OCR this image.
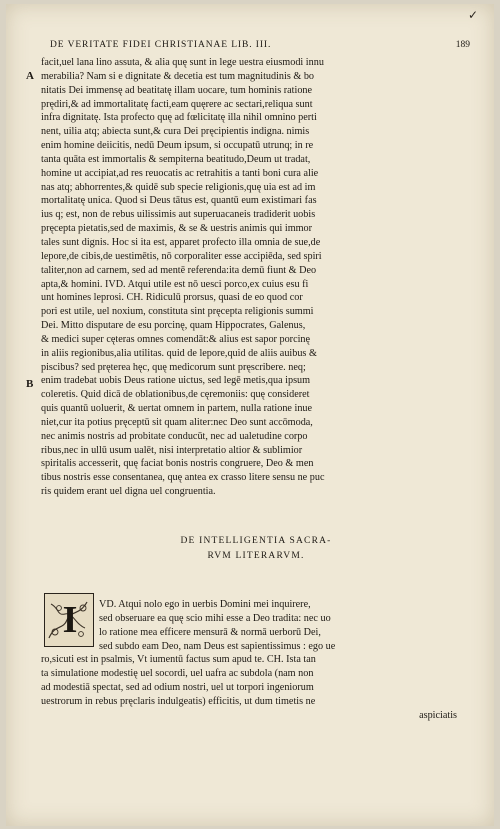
✓
DE VERITATE FIDEI CHRISTIANAE LIB. III.	189
A
B
facit,uel lana lino assuta, & alia quę sunt in lege uestra eiusmodi innu
merabilia? Nam si e dignitate & decetia est tum magnitudinis & bo
nitatis Dei immensę ad beatitatę illam uocare, tum hominis ratione
prędiri,& ad immortalitatę facti,eam quęrere ac sectari,reliqua sunt
infra dignitatę. Ista profecto quę ad fœlicitatę illa nihil omnino perti
nent, uilia atq; abiecta sunt,& cura Dei pręcipientis indigna. nimis
enim homine deiicitis, nedū Deum ipsum, si occupatū utrunq; in re
tanta quāta est immortalis & sempiterna beatitudo,Deum ut tradat,
homine ut accipiat,ad res reuocatis ac retrahitis a tanti boni cura alie
nas atq; abhorrentes,& quidē sub specie religionis,quę uia est ad im
mortalitatę unica. Quod si Deus tātus est, quantū eum existimari fas
ius q; est, non de rebus uilissimis aut superuacaneis tradiderit uobis
pręcepta pietatis,sed de maximis, & se & uestris animis qui immor
tales sunt dignis. Hoc si ita est, apparet profecto illa omnia de sue,de
lepore,de cibis,de uestimētis, nō corporaliter esse accipiēda, sed spiri
taliter,non ad carnem, sed ad mentē referenda:ita demū fiunt & Deo
apta,& homini. IVD. Atqui utile est nō uesci porco,ex cuius esu fi
unt homines leprosi. CH. Ridiculū prorsus, quasi de eo quod cor
pori est utile, uel noxium, constituta sint pręcepta religionis summi
Dei. Mitto disputare de esu porcinę, quam Hippocrates, Galenus,
& medici super cęteras omnes comendāt:& alius est sapor porcinę
in aliis regionibus,alia utilitas. quid de lepore,quid de aliis auibus &
piscibus? sed pręterea hęc, quę medicorum sunt pręscribere. neq;
enim tradebat uobis Deus ratione uictus, sed legē metis,qua ipsum
coleretis. Quid dicā de oblationibus,de cęremoniis: quę consideret
quis quantū uoluerit, & uertat omnem in partem, nulla ratione inue
niet,cur ita potius pręceptū sit quam aliter:nec Deo sunt accōmoda,
nec animis nostris ad probitate conducūt, nec ad ualetudine corpo
ribus,nec in ullū usum ualēt, nisi interpretatio altior & sublimior
spiritalis accesserit, quę faciat bonis nostris congruere, Deo & men
tibus nostris esse consentanea, quę antea ex crasso litere sensu ne puc
ris quidem erant uel digna uel congruentia.
DE INTELLIGENTIA SACRA-
RVM LITERARVM.
I	VD. Atqui nolo ego in uerbis Domini mei inquirere,
sed obseruare ea quę scio mihi esse a Deo tradita: nec uo
lo ratione mea efficere mensurā & normā uerborū Dei,
sed subdo eam Deo, nam Deus est sapientissimus : ego ue
ro,sicuti est in psalmis, Vt iumentū factus sum apud te. CH. Ista tan
ta simulatione modestię uel socordi, uel uafra ac subdola (nam non
ad modestiā spectat, sed ad odium nostri, uel ut torpori ingeniorum
uestrorum in rebus pręclaris indulgeatis) efficitis, ut dum timetis ne
aspiciatis
